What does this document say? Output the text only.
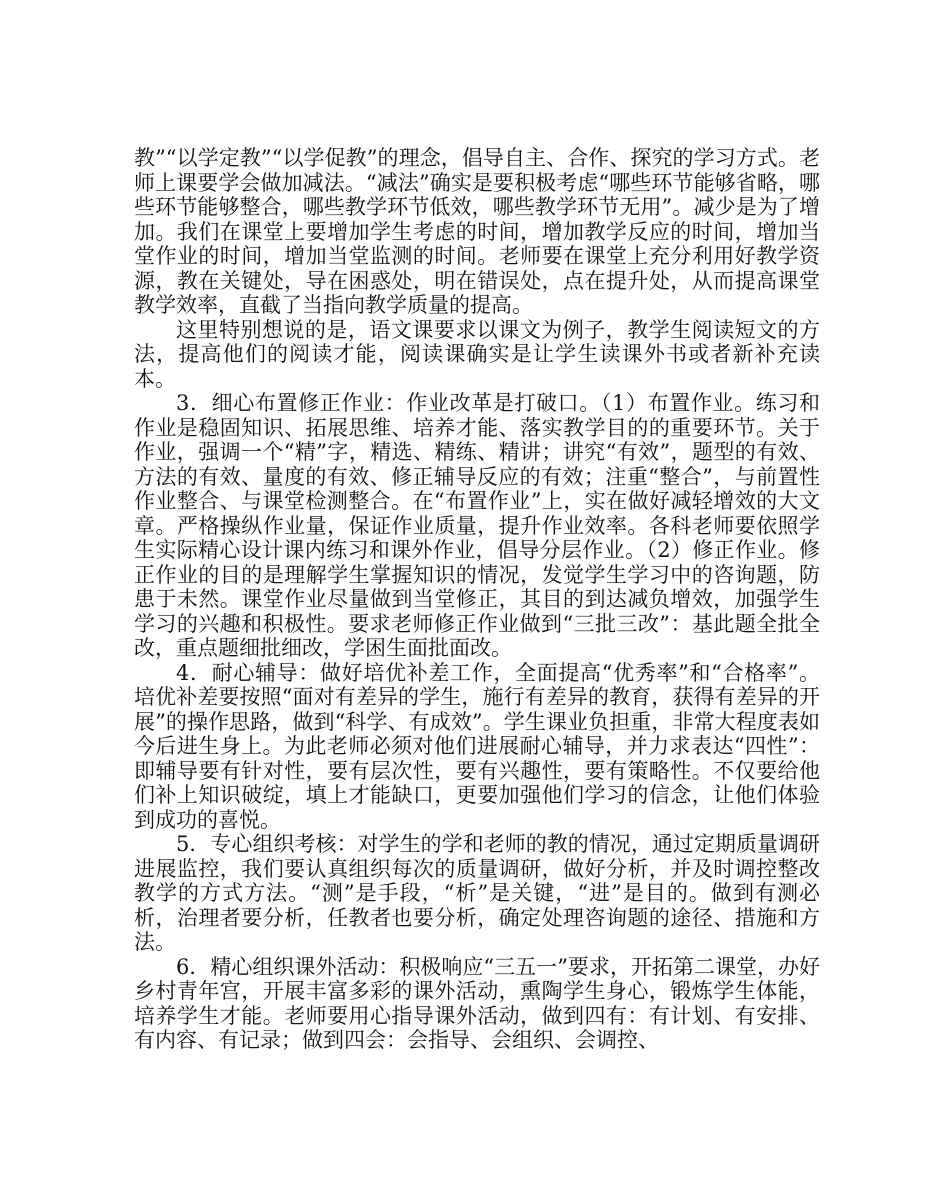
教”“以学定教”“以学促教”的理念，倡导自主、合作、探究的学习方式。老师上课要学会做加减法。“减法”确实是要积极考虑“哪些环节能够省略，哪些环节能够整合，哪些教学环节低效，哪些教学环节无用”。减少是为了增加。我们在课堂上要增加学生考虑的时间，增加教学反应的时间，增加当堂作业的时间，增加当堂监测的时间。老师要在课堂上充分利用好教学资源，教在关键处，导在困惑处，明在错误处，点在提升处，从而提高课堂教学效率，直截了当指向教学质量的提高。

这里特别想说的是，语文课要求以课文为例子，教学生阅读短文的方法，提高他们的阅读才能，阅读课确实是让学生读课外书或者新补充读本。

3．细心布置修正作业：作业改革是打破口。（1）布置作业。练习和作业是稳固知识、拓展思维、培养才能、落实教学目的的重要环节。关于作业，强调一个“精”字，精选、精练、精讲；讲究“有效”，题型的有效、方法的有效、量度的有效、修正辅导反应的有效；注重“整合”，与前置性作业整合、与课堂检测整合。在“布置作业”上，实在做好减轻增效的大文章。严格操纵作业量，保证作业质量，提升作业效率。各科老师要依照学生实际精心设计课内练习和课外作业，倡导分层作业。（2）修正作业。修正作业的目的是理解学生掌握知识的情况，发觉学生学习中的咨询题，防患于未然。课堂作业尽量做到当堂修正，其目的到达减负增效，加强学生学习的兴趣和积极性。要求老师修正作业做到“三批三改”：基此题全批全改，重点题细批细改，学困生面批面改。

4．耐心辅导：做好培优补差工作，全面提高“优秀率”和“合格率”。培优补差要按照“面对有差异的学生，施行有差异的教育，获得有差异的开展”的操作思路，做到“科学、有成效”。学生课业负担重，非常大程度表如今后进生身上。为此老师必须对他们进展耐心辅导，并力求表达“四性”：即辅导要有针对性，要有层次性，要有兴趣性，要有策略性。不仅要给他们补上知识破绽，填上才能缺口，更要加强他们学习的信念，让他们体验到成功的喜悦。

5．专心组织考核：对学生的学和老师的教的情况，通过定期质量调研进展监控，我们要认真组织每次的质量调研，做好分析，并及时调控整改教学的方式方法。“测”是手段，“析”是关键，“进”是目的。做到有测必析，治理者要分析，任教者也要分析，确定处理咨询题的途径、措施和方法。

6．精心组织课外活动：积极响应“三五一”要求，开拓第二课堂，办好乡村青年宫，开展丰富多彩的课外活动，熏陶学生身心，锻炼学生体能，培养学生才能。老师要用心指导课外活动，做到四有：有计划、有安排、有内容、有记录；做到四会：会指导、会组织、会调控、
